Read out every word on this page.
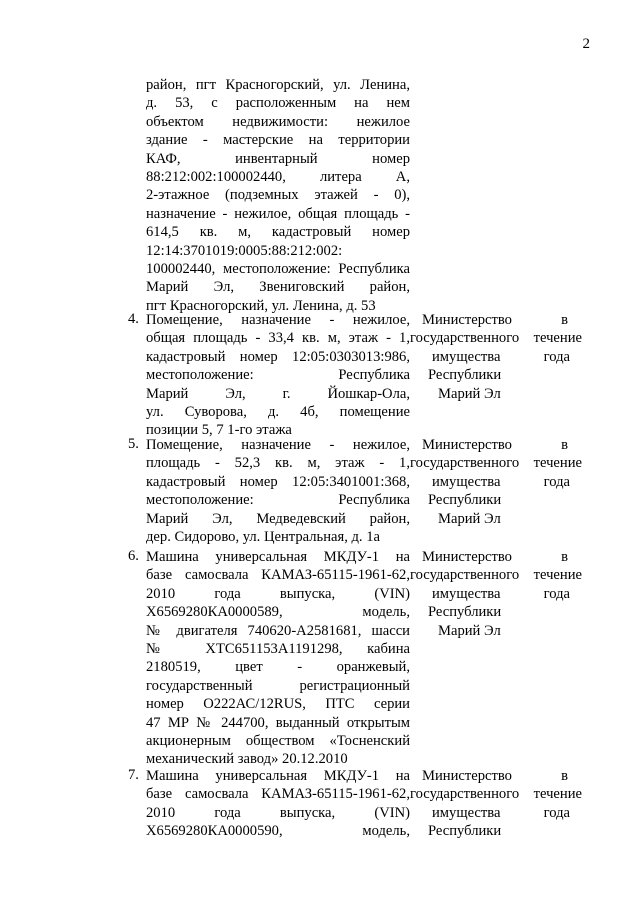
2
район, пгт Красногорский, ул. Ленина,
д. 53, с расположенным на нем
объектом недвижимости: нежилое
здание - мастерские на территории
КАФ, инвентарный номер
88:212:002:100002440, литера А,
2-этажное (подземных этажей - 0),
назначение - нежилое, общая площадь -
614,5 кв. м, кадастровый номер
12:14:3701019:0005:88:212:002:
100002440, местоположение: Республика
Марий Эл, Звениговский район,
пгт Красногорский, ул. Ленина, д. 53
4. Помещение, назначение - нежилое,
общая площадь - 33,4 кв. м, этаж - 1,
кадастровый номер 12:05:0303013:986,
местоположение: Республика
Марий Эл, г. Йошкар-Ола,
ул. Суворова, д. 4б, помещение
позиции 5, 7 1-го этажа
Министерство в
государственного течение
имущества года
Республики
Марий Эл
5. Помещение, назначение - нежилое,
площадь - 52,3 кв. м, этаж - 1,
кадастровый номер 12:05:3401001:368,
местоположение: Республика
Марий Эл, Медведевский район,
дер. Сидорово, ул. Центральная, д. 1а
Министерство в
государственного течение
имущества года
Республики
Марий Эл
6. Машина универсальная МКДУ-1 на
базе самосвала КАМАЗ-65115-1961-62,
2010 года выпуска, (VIN)
Х6569280КА0000589, модель,
№ двигателя 740620-А2581681, шасси
№ ХТС651153А1191298, кабина
2180519, цвет - оранжевый,
государственный регистрационный
номер О222АС/12RUS, ПТС серии
47 МР № 244700, выданный открытым
акционерным обществом «Тосненский
механический завод» 20.12.2010
Министерство в
государственного течение
имущества года
Республики
Марий Эл
7. Машина универсальная МКДУ-1 на
базе самосвала КАМАЗ-65115-1961-62,
2010 года выпуска, (VIN)
Х6569280КА0000590, модель,
Министерство в
государственного течение
имущества года
Республики
